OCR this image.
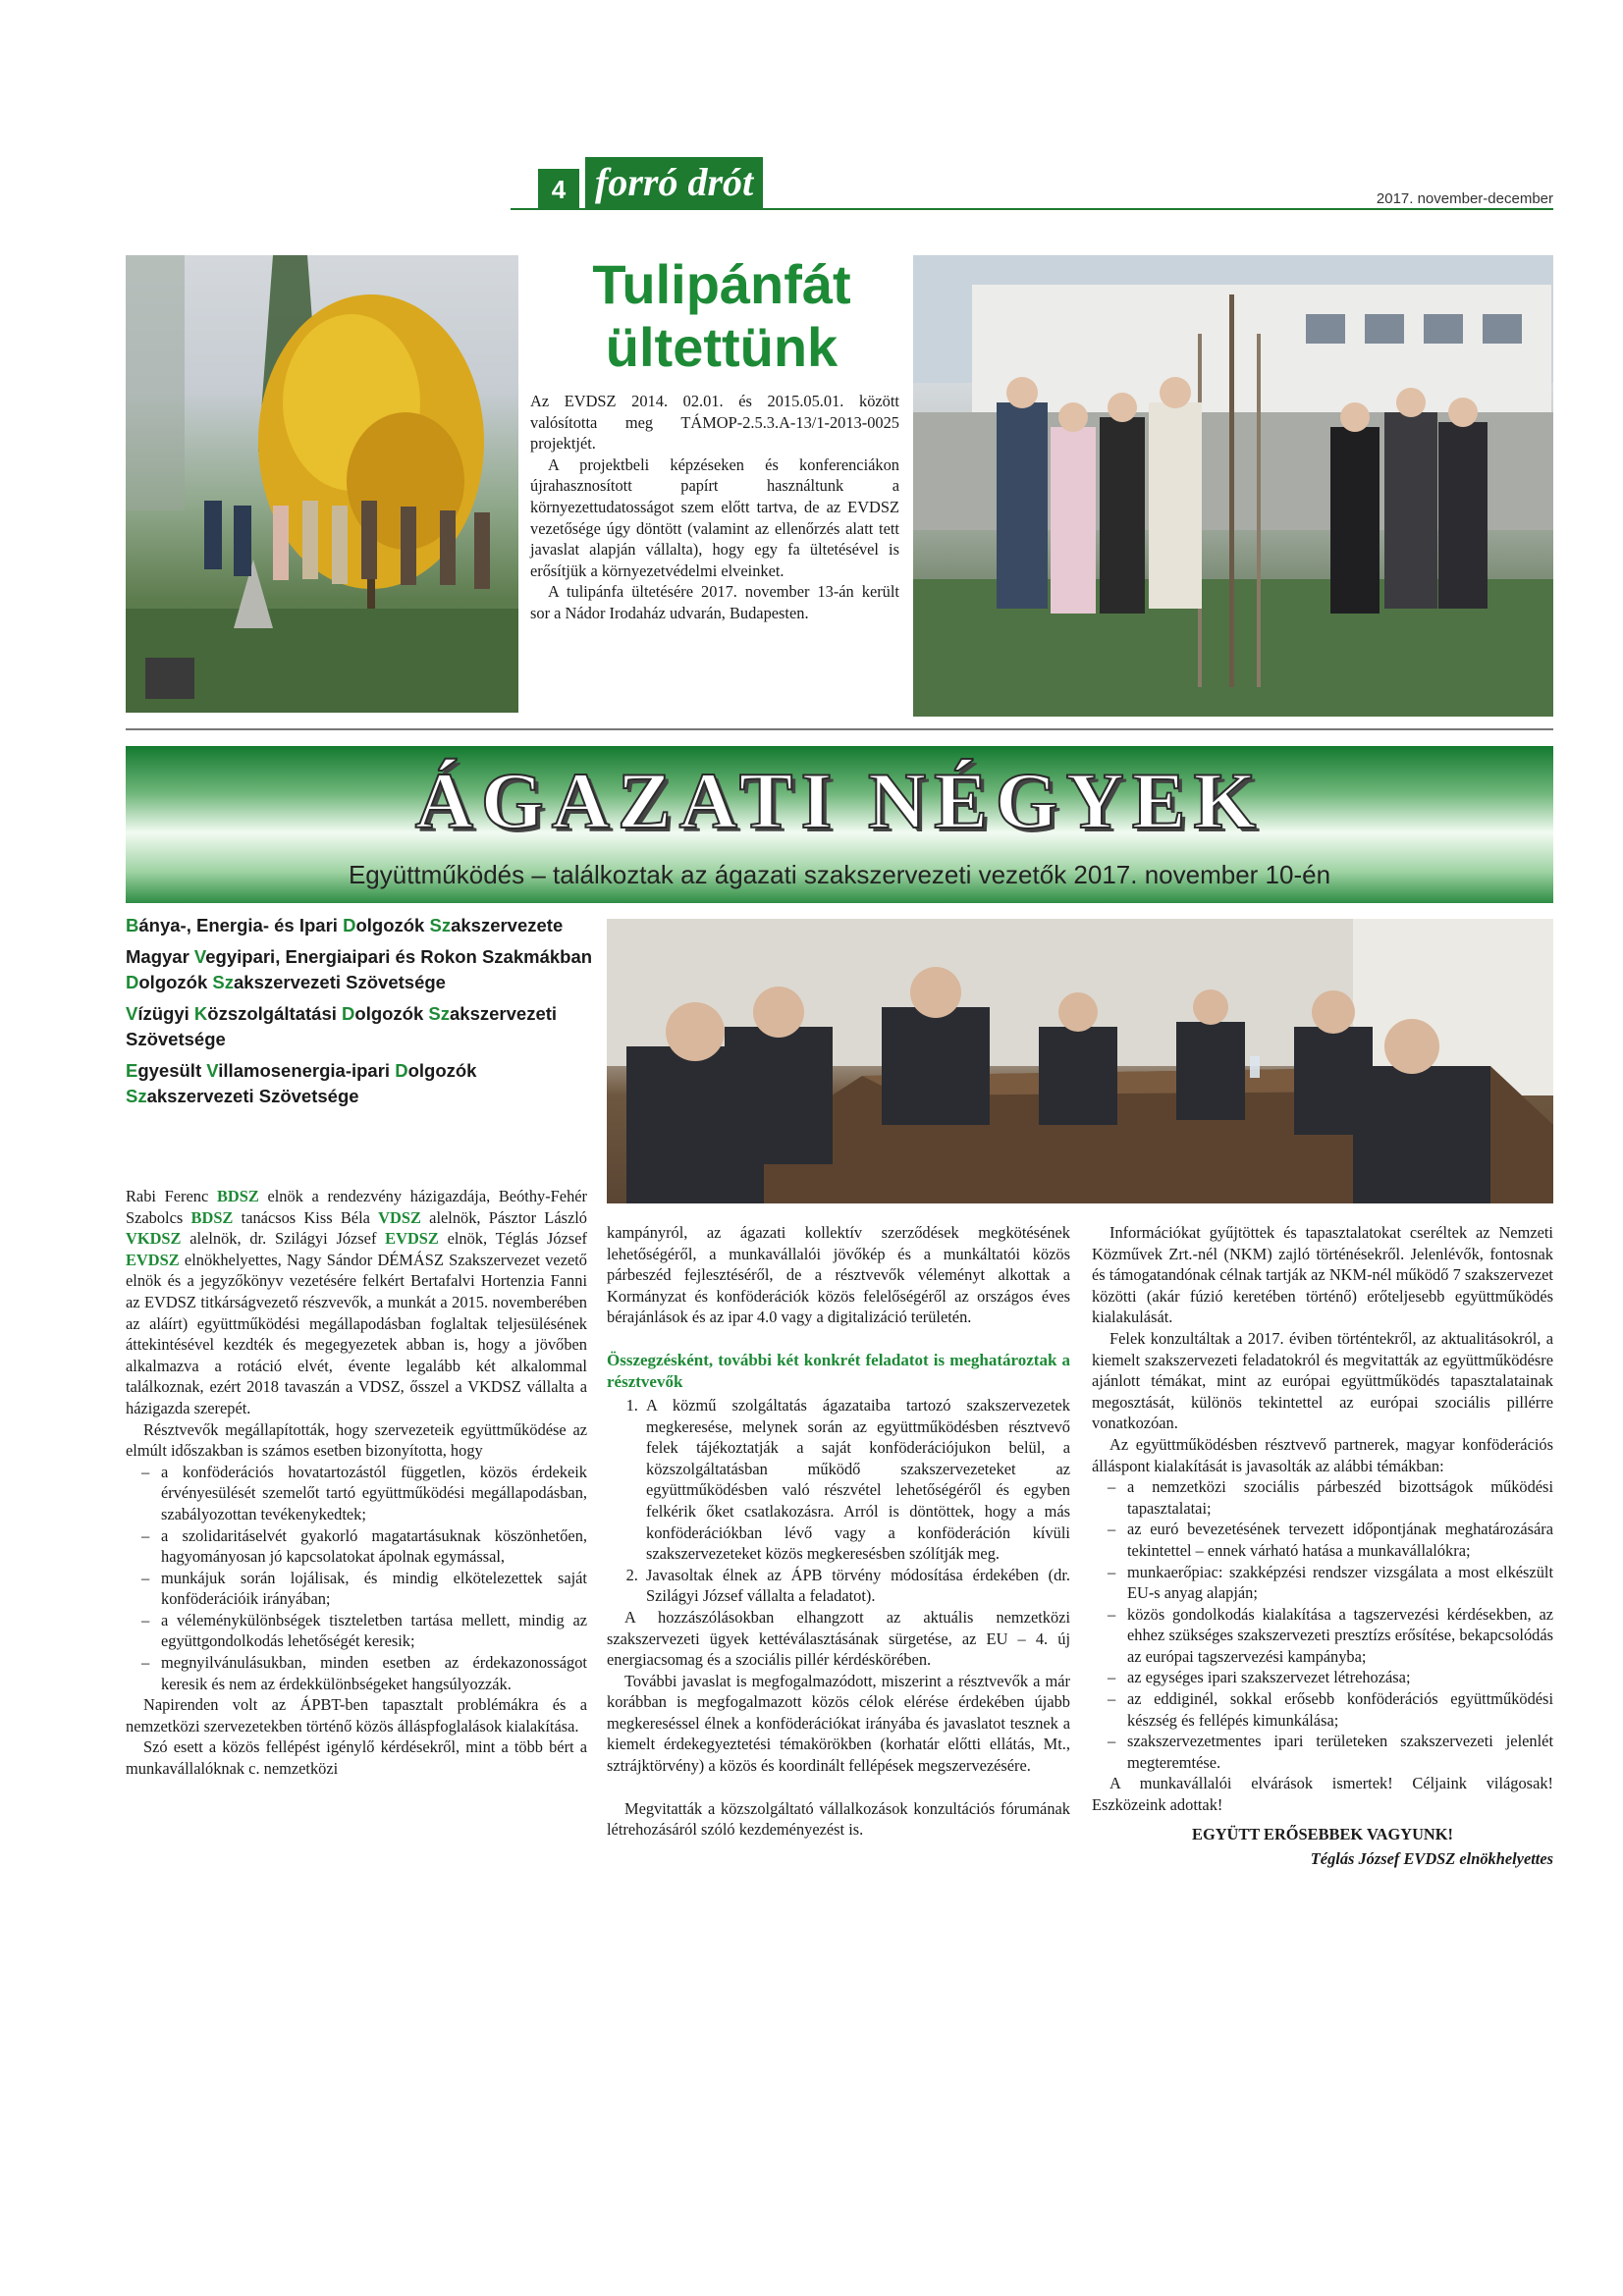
4 forró drót	2017. november-december
Tulipánfát
ültettünk

Az EVDSZ 2014. 02.01. és 2015.05.01. között valósította meg TÁMOP-2.5.3.A-13/1-2013-0025 projektjét.

A projektbeli képzéseken és konferenciákon újrahasznosított papírt használtunk a környezettudatosságot szem előtt tartva, de az EVDSZ vezetősége úgy döntött (valamint az ellenőrzés alatt tett javaslat alapján vállalta), hogy egy fa ültetésével is erősítjük a környezetvédelmi elveinket.

A tulipánfa ültetésére 2017. november 13-án került sor a Nádor Irodaház udvarán, Budapesten.

ÁGAZATI NÉGYEK
Együttműködés – találkoztak az ágazati szakszervezeti vezetők 2017. november 10-én
Bánya-, Energia- és Ipari Dolgozók Szakszervezete
Magyar Vegyipari, Energiaipari és Rokon Szakmákban Dolgozók Szakszervezeti Szövetsége
Vízügyi Közszolgáltatási Dolgozók Szakszervezeti Szövetsége
Egyesült Villamosenergia-ipari Dolgozók Szakszervezeti Szövetsége

Rabi Ferenc BDSZ elnök a rendezvény házigazdája, Beóthy-Fehér Szabolcs BDSZ tanácsos Kiss Béla VDSZ alelnök, Pásztor László VKDSZ alelnök, dr. Szilágyi József EVDSZ elnök, Téglás József EVDSZ elnökhelyettes, Nagy Sándor DÉMÁSZ Szakszervezet vezető elnök és a jegyzőkönyv vezetésére felkért Bertafalvi Hortenzia Fanni az EVDSZ titkárságvezető részvevők, a munkát a 2015. novemberében az aláírt) együttműködési megállapodásban foglaltak teljesülésének áttekintésével kezdték és megegyezetek abban is, hogy a jövőben alkalmazva a rotáció elvét, évente legalább két alkalommal találkoznak, ezért 2018 tavaszán a VDSZ, ősszel a VKDSZ vállalta a házigazda szerepét.

Résztvevők megállapították, hogy szervezeteik együttműködése az elmúlt időszakban is számos esetben bizonyította, hogy

– a konföderációs hovatartozástól független, közös érdekeik érvényesülését szemelőt tartó együttműködési megállapodásban, szabályozottan tevékenykedtek;
– a szolidaritáselvét gyakorló magatartásuknak köszönhetően, hagyományosan jó kapcsolatokat ápolnak egymással,
– munkájuk során lojálisak, és mindig elkötelezettek saját konföderációik irányában;
– a véleménykülönbségek tiszteletben tartása mellett, mindig az együttgondolkodás lehetőségét keresik;
– megnyilvánulásukban, minden esetben az érdekazonosságot keresik és nem az érdekkülönbségeket hangsúlyozzák.

Napirenden volt az ÁPBT-ben tapasztalt problémákra és a nemzetközi szervezetekben történő közös álláspfoglalások kialakítása.

Szó esett a közös fellépést igénylő kérdésekről, mint a több bért a munkavállalóknak c. nemzetközi

kampányról, az ágazati kollektív szerződések megkötésének lehetőségéről, a munkavállalói jövőkép és a munkáltatói közös párbeszéd fejlesztéséről, de a résztvevők véleményt alkottak a Kormányzat és konföderációk közös felelőségéről az országos éves bérajánlások és az ipar 4.0 vagy a digitalizáció területén.

Összegzésként, további két konkrét feladatot is meghatároztak a résztvevők

1. A közmű szolgáltatás ágazataiba tartozó szakszervezetek megkeresése, melynek során az együttműködésben résztvevő felek tájékoztatják a saját konföderációjukon belül, a közszolgáltatásban működő szakszervezeteket az együttműködésben való részvétel lehetőségéről és egyben felkérik őket csatlakozásra. Arról is döntöttek, hogy a más konföderációkban lévő vagy a konföderáción kívüli szakszervezeteket közös megkeresésben szólítják meg.
2. Javasoltak élnek az ÁPB törvény módosítása érdekében (dr. Szilágyi József vállalta a feladatot).

A hozzászólásokban elhangzott az aktuális nemzetközi szakszervezeti ügyek kettéválasztásának sürgetése, az EU – 4. új energiacsomag és a szociális pillér kérdéskörében.

További javaslat is megfogalmazódott, miszerint a résztvevők a már korábban is megfogalmazott közös célok elérése érdekében újabb megkereséssel élnek a konföderációkat irányába és javaslatot tesznek a kiemelt érdekegyeztetési témakörökben (korhatár előtti ellátás, Mt., sztrájktörvény) a közös és koordinált fellépések megszervezésére.

Megvitatták a közszolgáltató vállalkozások konzultációs fórumának létrehozásáról szóló kezdeményezést is.

Információkat gyűjtöttek és tapasztalatokat cseréltek az Nemzeti Közművek Zrt.-nél (NKM) zajló történésekről. Jelenlévők, fontosnak és támogatandónak célnak tartják az NKM-nél működő 7 szakszervezet közötti (akár fúzió keretében történő) erőteljesebb együttműködés kialakulását.

Felek konzultáltak a 2017. éviben történtekről, az aktualitásokról, a kiemelt szakszervezeti feladatokról és megvitatták az együttműködésre ajánlott témákat, mint az európai együttműködés tapasztalatainak megosztását, különös tekintettel az európai szociális pillérre vonatkozóan.

Az együttműködésben résztvevő partnerek, magyar konföderációs álláspont kialakítását is javasolták az alábbi témákban:

– a nemzetközi szociális párbeszéd bizottságok működési tapasztalatai;
– az euró bevezetésének tervezett időpontjának meghatározására tekintettel – ennek várható hatása a munkavállalókra;
– munkaerőpiac: szakképzési rendszer vizsgálata a most elkészült EU-s anyag alapján;
– közös gondolkodás kialakítása a tagszervezési kérdésekben, az ehhez szükséges szakszervezeti presztízs erősítése, bekapcsolódás az európai tagszervezési kampányba;
– az egységes ipari szakszervezet létrehozása;
– az eddiginél, sokkal erősebb konföderációs együttműködési készség és fellépés kimunkálása;
– szakszervezetmentes ipari területeken szakszervezeti jelenlét megteremtése.

A munkavállalói elvárások ismertek! Céljaink világosak! Eszközeink adottak!

EGYÜTT ERŐSEBBEK VAGYUNK!

Téglás József EVDSZ elnökhelyettes
